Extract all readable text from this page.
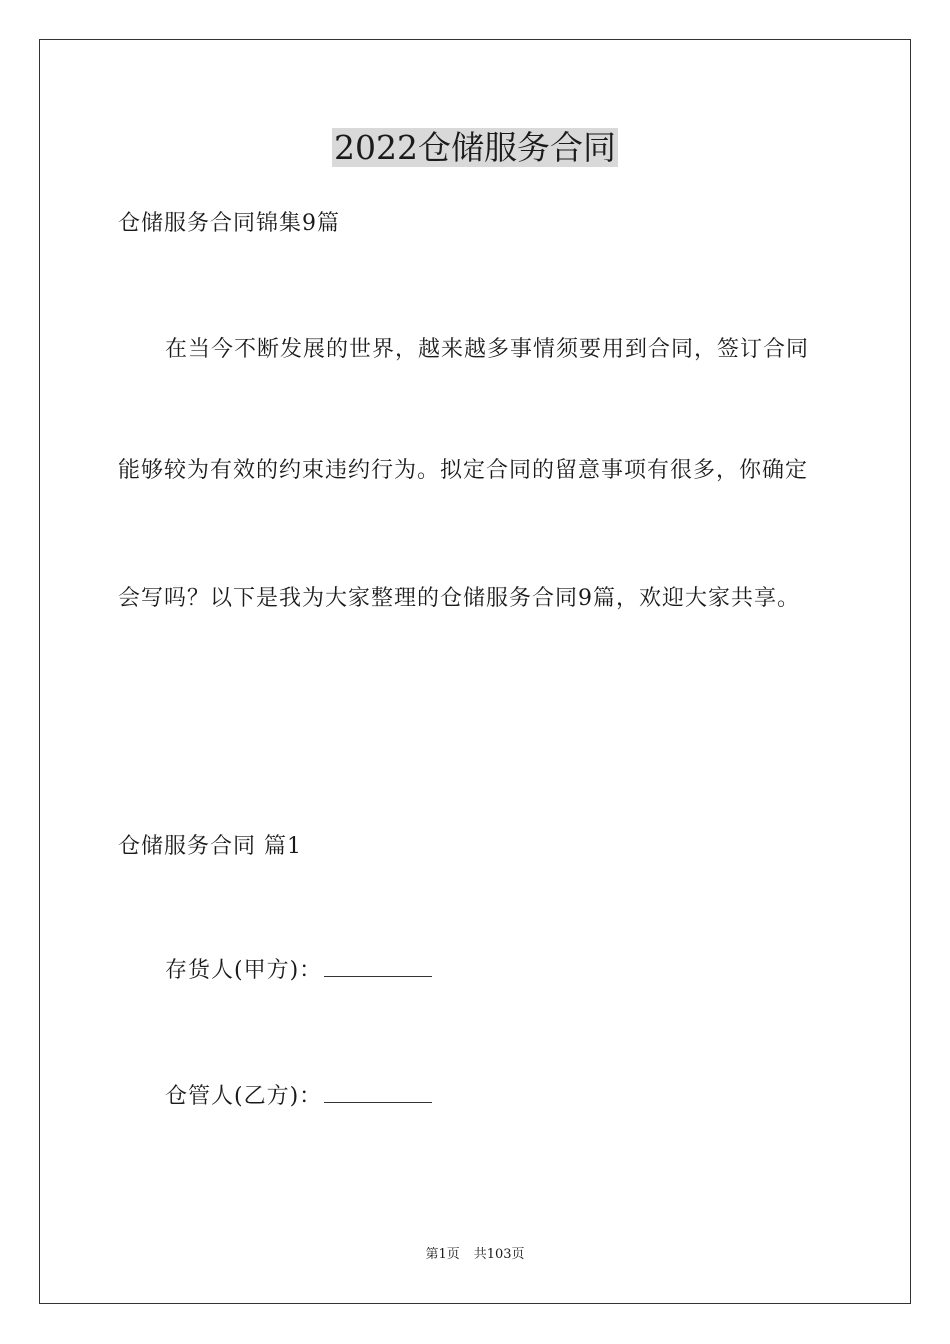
2022仓储服务合同
仓储服务合同锦集9篇
在当今不断发展的世界，越来越多事情须要用到合同，签订合同
能够较为有效的约束违约行为。拟定合同的留意事项有很多，你确定
会写吗？以下是我为大家整理的仓储服务合同9篇，欢迎大家共享。
仓储服务合同 篇1
存货人(甲方)：
仓管人(乙方)：
第1页 共103页
